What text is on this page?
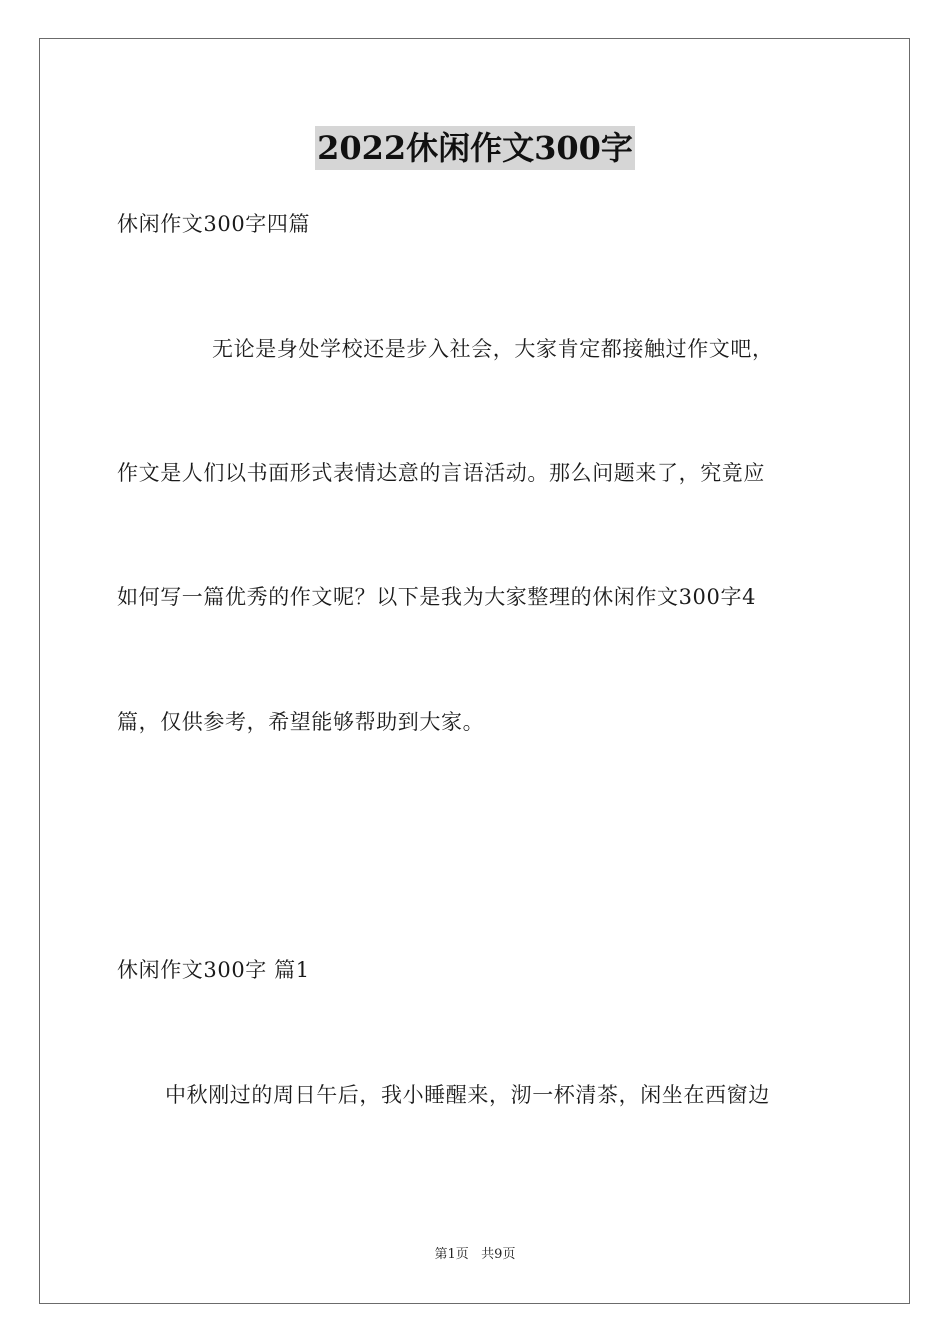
2022休闲作文300字
休闲作文300字四篇
无论是身处学校还是步入社会，大家肯定都接触过作文吧，
作文是人们以书面形式表情达意的言语活动。那么问题来了，究竟应
如何写一篇优秀的作文呢？以下是我为大家整理的休闲作文300字4
篇，仅供参考，希望能够帮助到大家。
休闲作文300字 篇1
中秋刚过的周日午后，我小睡醒来，沏一杯清茶，闲坐在西窗边
第1页   共9页
